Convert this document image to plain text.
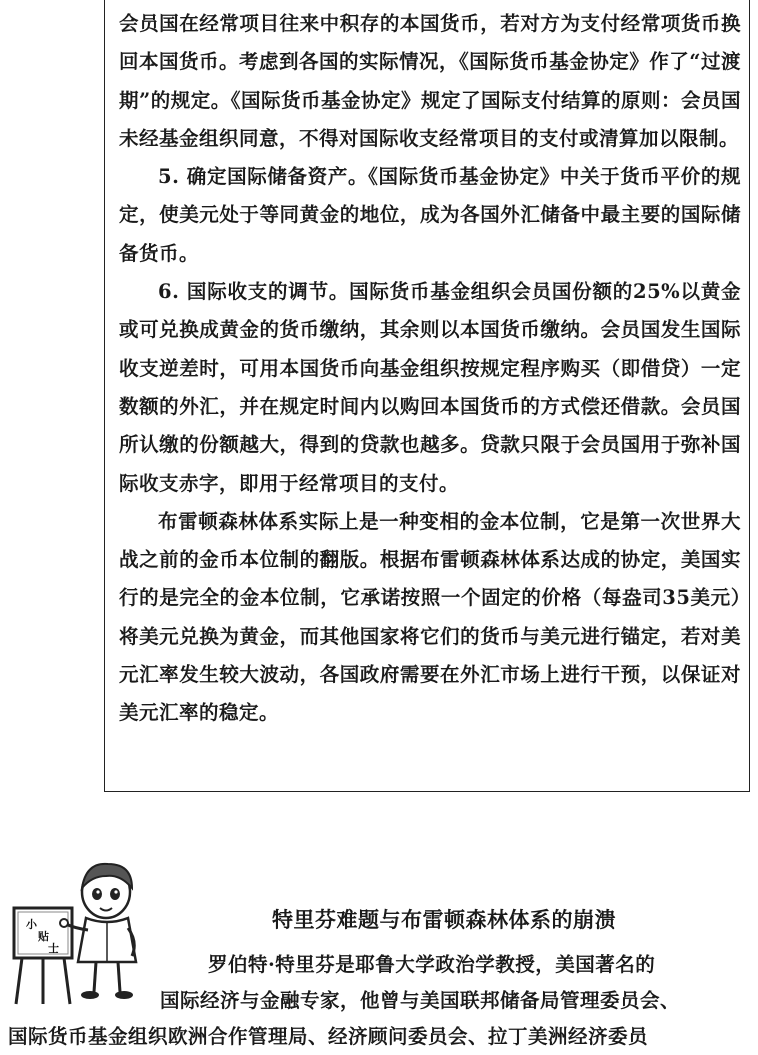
会员国在经常项目往来中积存的本国货币，若对方为支付经常项货币换回本国货币。考虑到各国的实际情况，《国际货币基金协定》作了“过渡期”的规定。《国际货币基金协定》规定了国际支付结算的原则：会员国未经基金组织同意，不得对国际收支经常项目的支付或清算加以限制。

5. 确定国际储备资产。《国际货币基金协定》中关于货币平价的规定，使美元处于等同黄金的地位，成为各国外汇储备中最主要的国际储备货币。

6. 国际收支的调节。国际货币基金组织会员国份额的25%以黄金或可兑换成黄金的货币缴纳，其余则以本国货币缴纳。会员国发生国际收支逆差时，可用本国货币向基金组织按规定程序购买（即借贷）一定数额的外汇，并在规定时间内以购回本国货币的方式偿还借款。会员国所认缴的份额越大，得到的贷款也越多。贷款只限于会员国用于弥补国际收支赤字，即用于经常项目的支付。

布雷顿森林体系实际上是一种变相的金本位制，它是第一次世界大战之前的金币本位制的翻版。根据布雷顿森林体系达成的协定，美国实行的是完全的金本位制，它承诺按照一个固定的价格（每盎司35美元）将美元兑换为黄金，而其他国家将它们的货币与美元进行锚定，若对美元汇率发生较大波动，各国政府需要在外汇市场上进行干预，以保证对美元汇率的稳定。

小
贴
士
特里芬难题与布雷顿森林体系的崩溃

罗伯特·特里芬是耶鲁大学政治学教授，美国著名的

国际经济与金融专家，他曾与美国联邦储备局管理委员会、

国际货币基金组织欧洲合作管理局、经济顾问委员会、拉丁美洲经济委员
